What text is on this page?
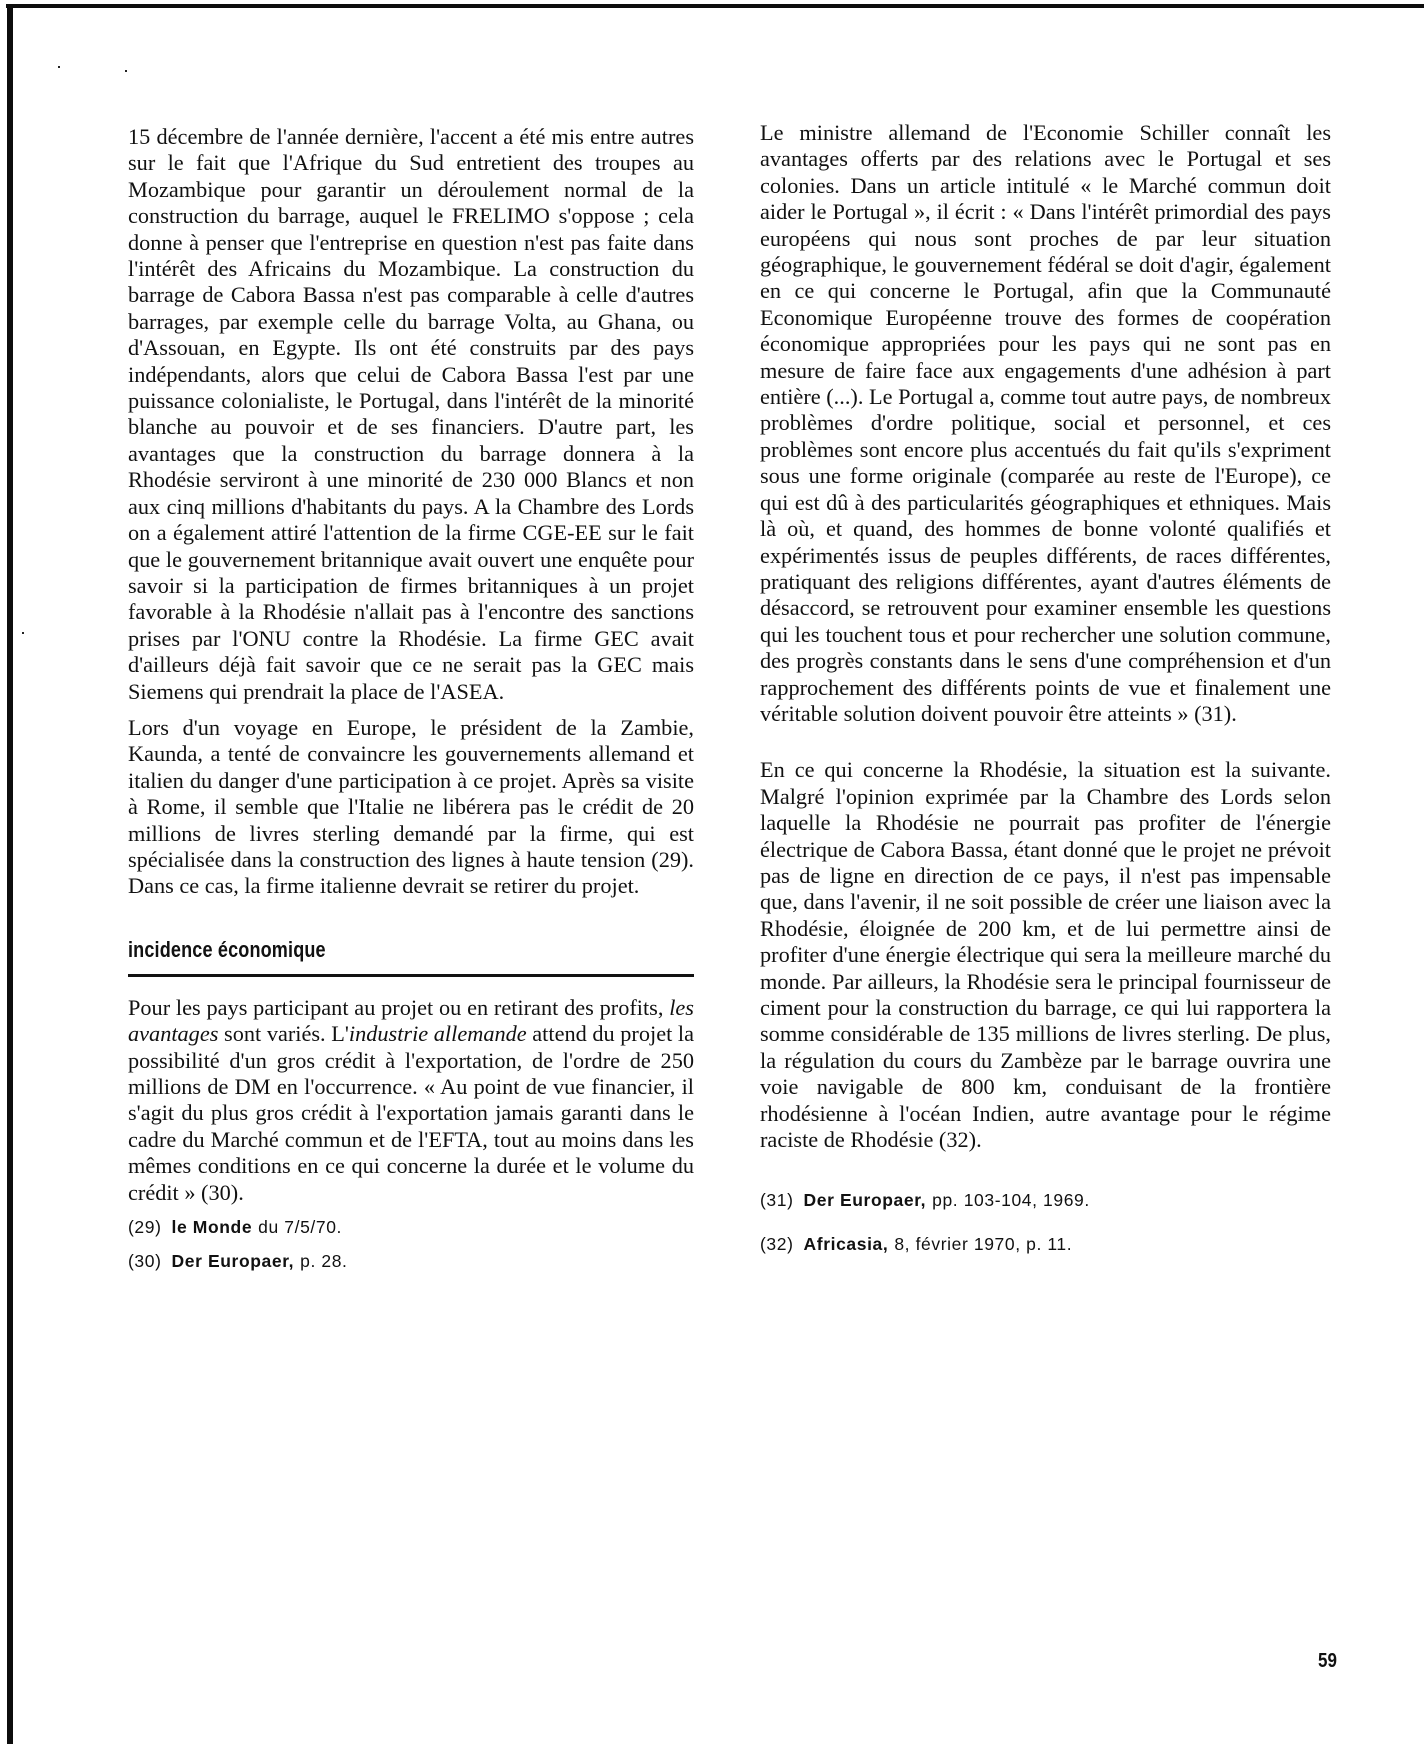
15 décembre de l'année dernière, l'accent a été mis entre autres sur le fait que l'Afrique du Sud entretient des troupes au Mozambique pour garantir un déroulement normal de la construction du barrage, auquel le FRELIMO s'oppose ; cela donne à penser que l'entreprise en question n'est pas faite dans l'intérêt des Africains du Mozambique. La construction du barrage de Cabora Bassa n'est pas comparable à celle d'autres barrages, par exemple celle du barrage Volta, au Ghana, ou d'Assouan, en Egypte. Ils ont été construits par des pays indépendants, alors que celui de Cabora Bassa l'est par une puissance colonialiste, le Portugal, dans l'intérêt de la minorité blanche au pouvoir et de ses financiers. D'autre part, les avantages que la construction du barrage donnera à la Rhodésie serviront à une minorité de 230 000 Blancs et non aux cinq millions d'habitants du pays. A la Chambre des Lords on a également attiré l'attention de la firme CGE-EE sur le fait que le gouvernement britannique avait ouvert une enquête pour savoir si la participation de firmes britanniques à un projet favorable à la Rhodésie n'allait pas à l'encontre des sanctions prises par l'ONU contre la Rhodésie. La firme GEC avait d'ailleurs déjà fait savoir que ce ne serait pas la GEC mais Siemens qui prendrait la place de l'ASEA.

Lors d'un voyage en Europe, le président de la Zambie, Kaunda, a tenté de convaincre les gouvernements allemand et italien du danger d'une participation à ce projet. Après sa visite à Rome, il semble que l'Italie ne libérera pas le crédit de 20 millions de livres sterling demandé par la firme, qui est spécialisée dans la construction des lignes à haute tension (29). Dans ce cas, la firme italienne devrait se retirer du projet.

incidence économique

Pour les pays participant au projet ou en retirant des profits, les avantages sont variés. L'industrie allemande attend du projet la possibilité d'un gros crédit à l'exportation, de l'ordre de 250 millions de DM en l'occurrence. « Au point de vue financier, il s'agit du plus gros crédit à l'exportation jamais garanti dans le cadre du Marché commun et de l'EFTA, tout au moins dans les mêmes conditions en ce qui concerne la durée et le volume du crédit » (30).

(29) le Monde du 7/5/70.
(30) Der Europaer, p. 28.

Le ministre allemand de l'Economie Schiller connaît les avantages offerts par des relations avec le Portugal et ses colonies. Dans un article intitulé « le Marché commun doit aider le Portugal », il écrit : « Dans l'intérêt primordial des pays européens qui nous sont proches de par leur situation géographique, le gouvernement fédéral se doit d'agir, également en ce qui concerne le Portugal, afin que la Communauté Economique Européenne trouve des formes de coopération économique appropriées pour les pays qui ne sont pas en mesure de faire face aux engagements d'une adhésion à part entière (...). Le Portugal a, comme tout autre pays, de nombreux problèmes d'ordre politique, social et personnel, et ces problèmes sont encore plus accentués du fait qu'ils s'expriment sous une forme originale (comparée au reste de l'Europe), ce qui est dû à des particularités géographiques et ethniques. Mais là où, et quand, des hommes de bonne volonté qualifiés et expérimentés issus de peuples différents, de races différentes, pratiquant des religions différentes, ayant d'autres éléments de désaccord, se retrouvent pour examiner ensemble les questions qui les touchent tous et pour rechercher une solution commune, des progrès constants dans le sens d'une compréhension et d'un rapprochement des différents points de vue et finalement une véritable solution doivent pouvoir être atteints » (31).

En ce qui concerne la Rhodésie, la situation est la suivante. Malgré l'opinion exprimée par la Chambre des Lords selon laquelle la Rhodésie ne pourrait pas profiter de l'énergie électrique de Cabora Bassa, étant donné que le projet ne prévoit pas de ligne en direction de ce pays, il n'est pas impensable que, dans l'avenir, il ne soit possible de créer une liaison avec la Rhodésie, éloignée de 200 km, et de lui permettre ainsi de profiter d'une énergie électrique qui sera la meilleure marché du monde. Par ailleurs, la Rhodésie sera le principal fournisseur de ciment pour la construction du barrage, ce qui lui rapportera la somme considérable de 135 millions de livres sterling. De plus, la régulation du cours du Zambèze par le barrage ouvrira une voie navigable de 800 km, conduisant de la frontière rhodésienne à l'océan Indien, autre avantage pour le régime raciste de Rhodésie (32).

(31) Der Europaer, pp. 103-104, 1969.
(32) Africasia, 8, février 1970, p. 11.
59
